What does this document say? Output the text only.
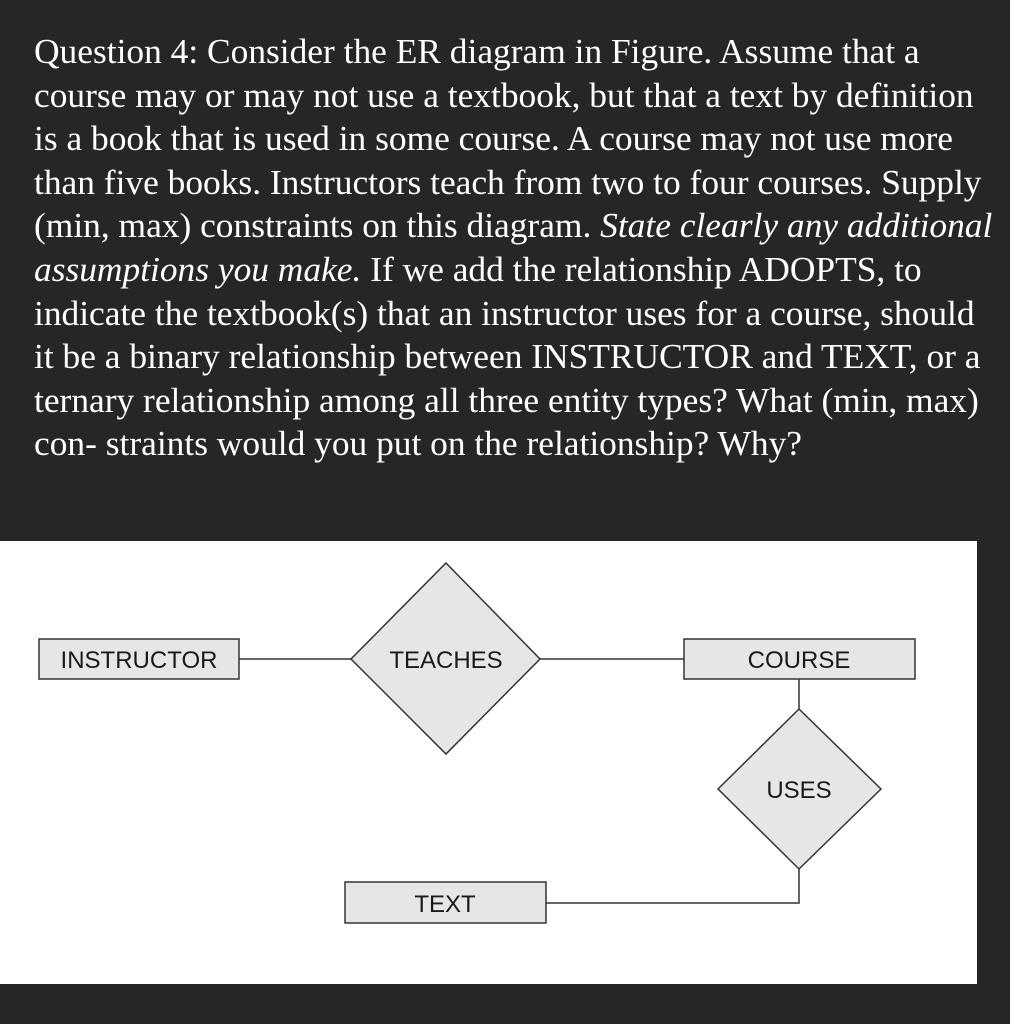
Question 4: Consider the ER diagram in Figure. Assume that a course may or may not use a textbook, but that a text by definition is a book that is used in some course. A course may not use more than five books. Instructors teach from two to four courses. Supply (min, max) constraints on this diagram. State clearly any additional assumptions you make. If we add the relationship ADOPTS, to indicate the textbook(s) that an instructor uses for a course, should it be a binary relationship between INSTRUCTOR and TEXT, or a ternary relationship among all three entity types? What (min, max) con- straints would you put on the relationship? Why?

INSTRUCTOR	TEACHES	COURSE
USES
TEXT
